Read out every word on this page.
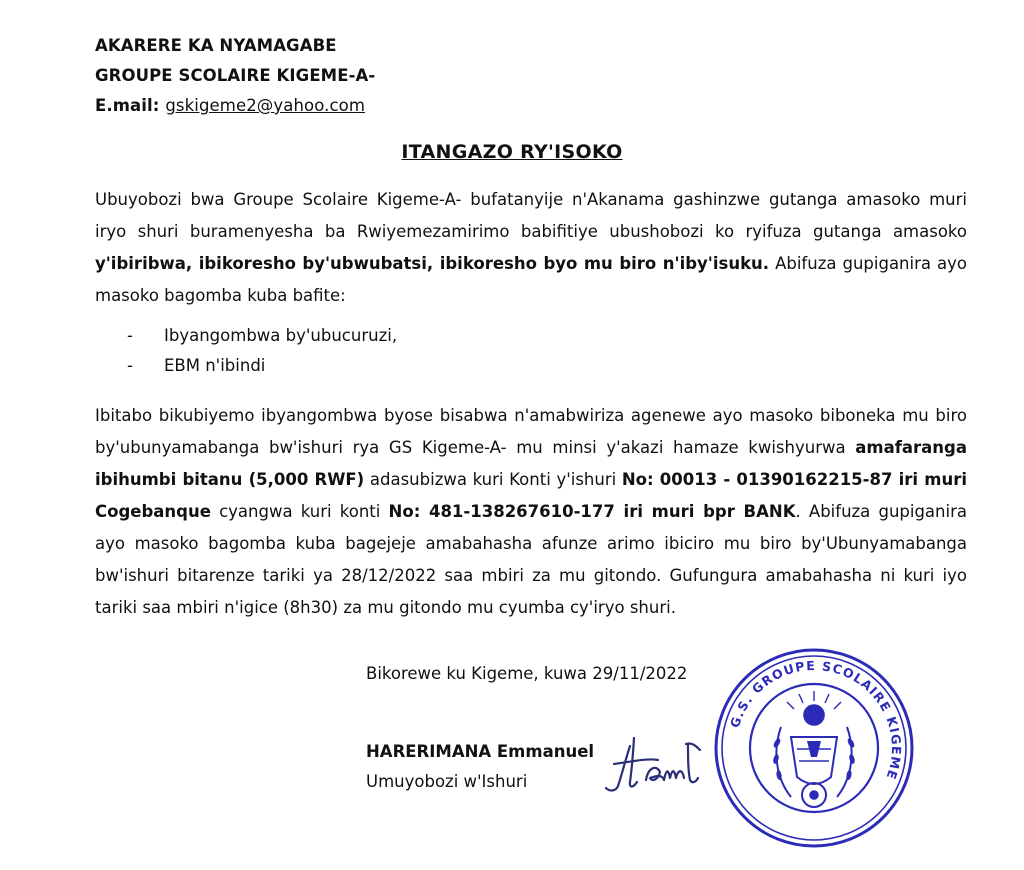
AKARERE KA NYAMAGABE
GROUPE SCOLAIRE KIGEME-A-
E.mail: gskigeme2@yahoo.com
ITANGAZO RY'ISOKO
Ubuyobozi bwa Groupe Scolaire Kigeme-A- bufatanyije n'Akanama gashinzwe gutanga amasoko muri iryo shuri buramenyesha ba Rwiyemezamirimo babifitiye ubushobozi ko ryifuza gutanga amasoko y'ibiribwa, ibikoresho by'ubwubatsi, ibikoresho byo mu biro n'iby'isuku. Abifuza gupiganira ayo masoko bagomba kuba bafite:
- Ibyangombwa by'ubucuruzi,
- EBM n'ibindi
Ibitabo bikubiyemo ibyangombwa byose bisabwa n'amabwiriza agenewe ayo masoko biboneka mu biro by'ubunyamabanga bw'ishuri rya GS Kigeme-A- mu minsi y'akazi hamaze kwishyurwa amafaranga ibihumbi bitanu (5,000 RWF) adasubizwa kuri Konti y'ishuri No: 00013 - 01390162215-87 iri muri Cogebanque cyangwa kuri konti No: 481-138267610-177 iri muri bpr BANK. Abifuza gupiganira ayo masoko bagomba kuba bagejeje amabahasha afunze arimo ibiciro mu biro by'Ubunyamabanga bw'ishuri bitarenze tariki ya 28/12/2022 saa mbiri za mu gitondo. Gufungura amabahasha ni kuri iyo tariki saa mbiri n'igice (8h30) za mu gitondo mu cyumba cy'iryo shuri.
Bikorewe ku Kigeme, kuwa 29/11/2022
HARERIMANA Emmanuel
Umuyobozi w'Ishuri
G.S. GROUPE SCOLAIRE KIGEME
